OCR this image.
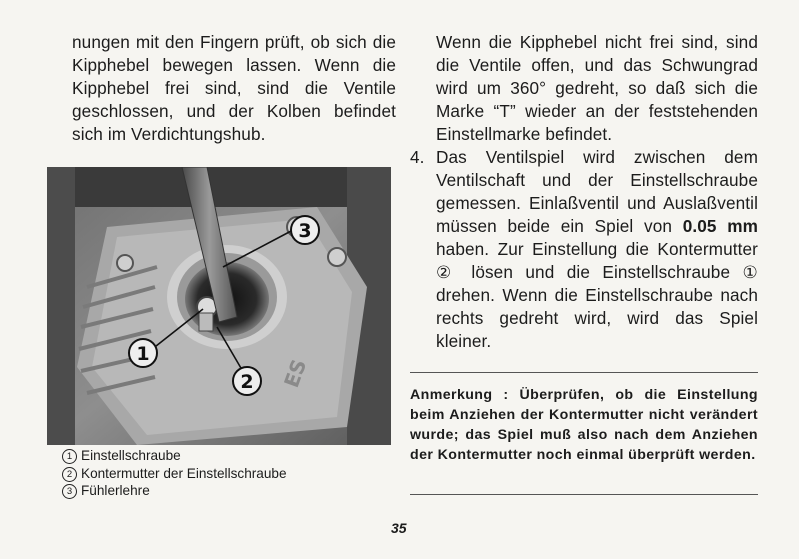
nungen mit den Fingern prüft, ob sich die Kipphebel bewegen lassen. Wenn die Kipphebel frei sind, sind die Ventile geschlossen, und der Kolben befindet sich im Verdichtungshub.

ES
3
1
2
1 Einstellschraube
2 Kontermutter der Einstellschraube
3 Fühlerlehre

Wenn die Kipphebel nicht frei sind, sind die Ventile offen, und das Schwungrad wird um 360° gedreht, so daß sich die Marke “T” wieder an der feststehenden Einstellmarke befindet.

4. Das Ventilspiel wird zwischen dem Ventilschaft und der Einstellschraube gemessen. Einlaßventil und Auslaßventil müssen beide ein Spiel von 0.05 mm haben. Zur Einstellung die Kontermutter ② lösen und die Einstellschraube ① drehen. Wenn die Einstellschraube nach rechts gedreht wird, wird das Spiel kleiner.

Anmerkung : Überprüfen, ob die Einstellung beim Anziehen der Kontermutter nicht verändert wurde; das Spiel muß also nach dem Anziehen der Kontermutter noch einmal überprüft werden.
35
